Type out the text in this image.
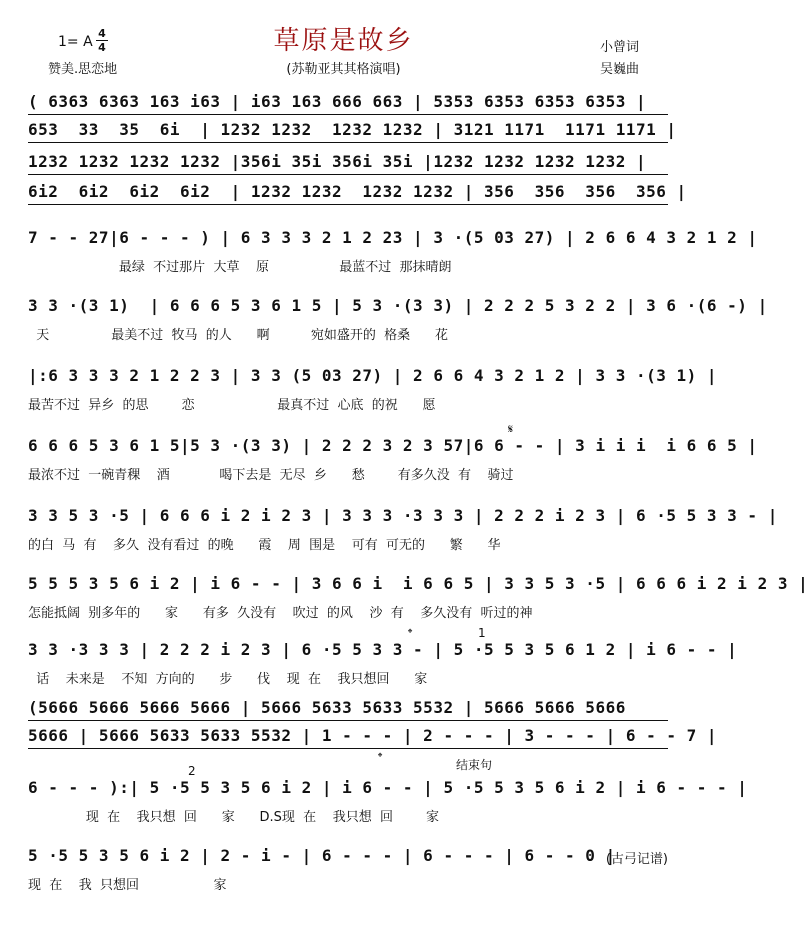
1= A
4
4
赞美.思恋地
草原是故乡
(苏勒亚其其格演唱)
小曾词
吴巍曲
( 6363 6363 163 i63 | i63 163 666 663 | 5353 6353 6353 6353 |
653  33  35  6i  | 1232 1232  1232 1232 | 3121 1171  1171 1171 |
1232 1232 1232 1232 |356i 35i 356i 35i |1232 1232 1232 1232 |
6i2  6i2  6i2  6i2  | 1232 1232  1232 1232 | 356  356  356  356 |
7 - - 27|6 - - - ) | 6 3 3 3 2 1 2 23 | 3 ·(5 03 27) | 2 6 6 4 3 2 1 2 |
最绿  不过那片  大草    原                 最蓝不过  那抹晴朗
3 3 ·(3 1)  | 6 6 6 5 3 6 1 5 | 5 3 ·(3 3) | 2 2 2 5 3 2 2 | 3 6 ·(6 -) |
天               最美不过  牧马  的人      啊          宛如盛开的  格桑      花
|:6 3 3 3 2 1 2 2 3 | 3 3 (5 03 27) | 2 6 6 4 3 2 1 2 | 3 3 ·(3 1) |
最苦不过  异乡  的思        恋                    最真不过  心底  的祝      愿
6 6 6 5 3 6 1 5|5 3 ·(3 3) | 2 2 2 3 2 3 57|6 6 - - | 3 i i i  i 6 6 5 |
最浓不过  一碗青稞    酒            喝下去是  无尽  乡      愁        有多久没  有    骑过
𝄋
3 3 5 3 ·5 | 6 6 6 i 2 i 2 3 | 3 3 3 ·3 3 3 | 2 2 2 i 2 3 | 6 ·5 5 3 3 - |
的白  马  有    多久  没有看过  的晚      霞    周  围是    可有  可无的      繁      华
5 5 5 3 5 6 i 2 | i 6 - - | 3 6 6 i  i 6 6 5 | 3 3 5 3 ·5 | 6 6 6 i 2 i 2 3 |
怎能抵阔  别多年的      家      有多  久没有    吹过  的风    沙  有    多久没有  听过的神
3 3 ·3 3 3 | 2 2 2 i 2 3 | 6 ·5 5 3 3 - | 5 ·5 5 3 5 6 1 2 | i 6 - - |
话    未来是    不知  方向的      步      伐    现  在    我只想回      家
𝄌	1
(5666 5666 5666 5666 | 5666 5633 5633 5532 | 5666 5666 5666
5666 | 5666 5633 5633 5532 | 1 - - - | 2 - - - | 3 - - - | 6 - - 7 |
6 - - - ):| 5 ·5 5 3 5 6 i 2 | i 6 - - | 5 ·5 5 3 5 6 i 2 | i 6 - - - |
现  在    我只想  回      家      D.S现  在    我只想  回        家
𝄌
结束句
2
5 ·5 5 3 5 6 i 2 | 2 - i - | 6 - - - | 6 - - - | 6 - - 0 |
现  在    我  只想回                  家
(古弓记谱)
